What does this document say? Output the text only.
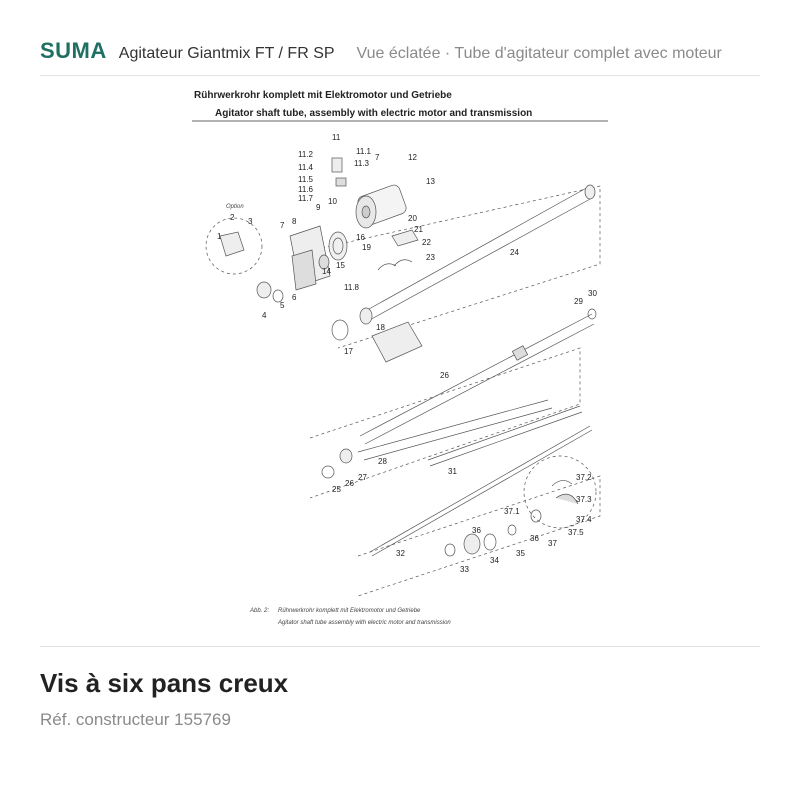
SUMA Agitateur Giantmix FT / FR SP Vue éclatée · Tube d'agitateur complet avec moteur
Rührwerkrohr komplett mit Elektromotor und Getriebe
Agitator shaft tube, assembly with electric motor and transmission
1
2 3
4
5
6
7
7
8
9
10
11
11.1
11.2
11.3
11.4
11.5
11.6
11.7
11.8
12
13
14
15
16
17
18
19
20
21
22
23
24
25
26
26
27
28
29
30
31
32
33
34
35
36
36
37
37.1
37.2
37.3
37.4
37.5
Option
Abb. 2: Rührwerkrohr komplett mit Elektromotor und Getriebe
Agitator shaft tube assembly with electric motor and transmission
Vis à six pans creux
Réf. constructeur 155769
